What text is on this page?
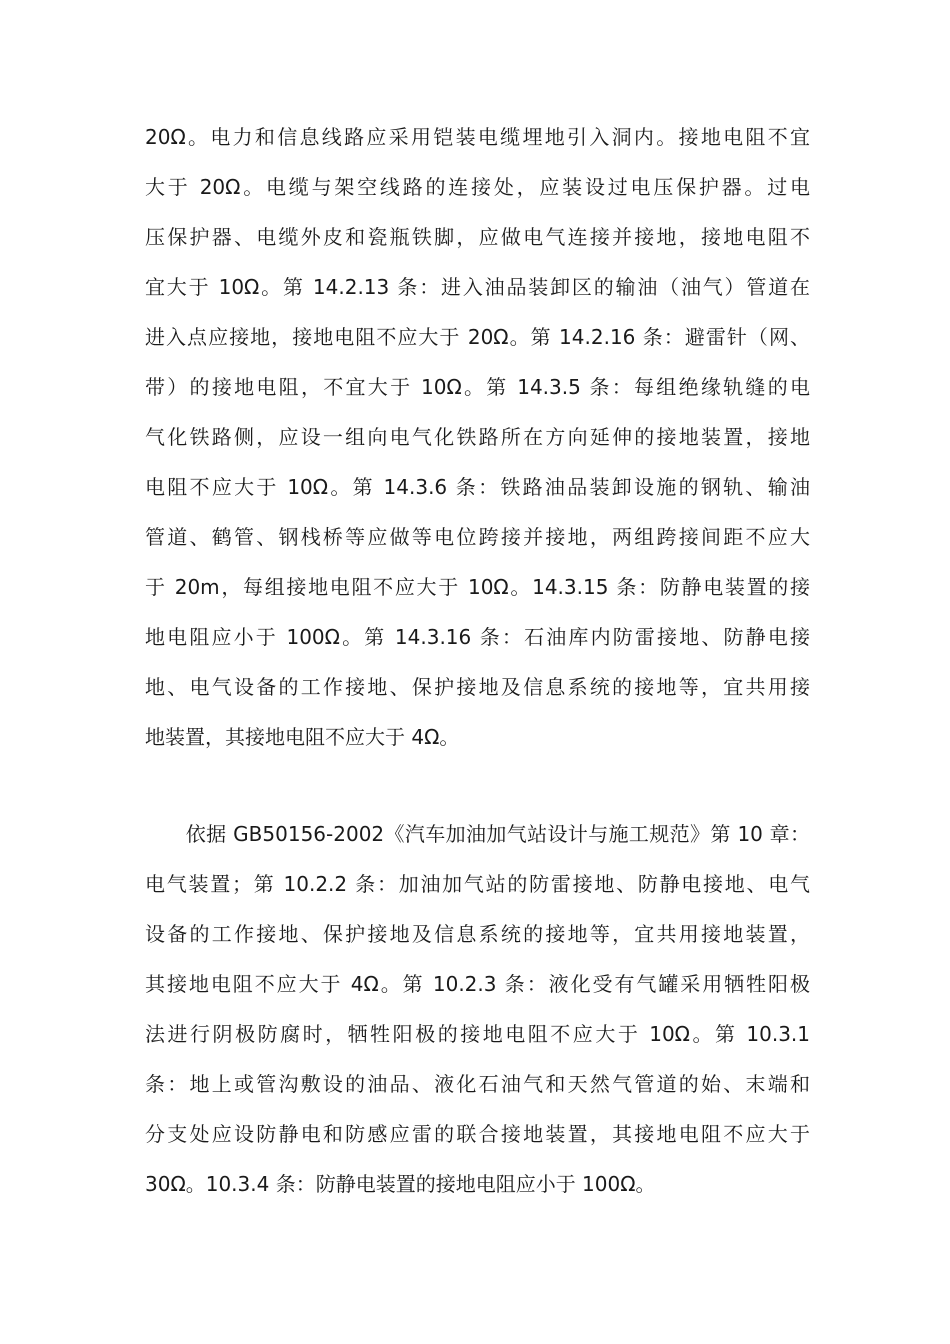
20Ω。电力和信息线路应采用铠装电缆埋地引入洞内。接地电阻不宜
大于 20Ω。电缆与架空线路的连接处，应装设过电压保护器。过电
压保护器、电缆外皮和瓷瓶铁脚，应做电气连接并接地，接地电阻不
宜大于 10Ω。第 14.2.13 条：进入油品装卸区的输油（油气）管道在
进入点应接地，接地电阻不应大于 20Ω。第 14.2.16 条：避雷针（网、
带）的接地电阻，不宜大于 10Ω。第 14.3.5 条：每组绝缘轨缝的电
气化铁路侧，应设一组向电气化铁路所在方向延伸的接地装置，接地
电阻不应大于 10Ω。第 14.3.6 条：铁路油品装卸设施的钢轨、输油
管道、鹤管、钢栈桥等应做等电位跨接并接地，两组跨接间距不应大
于 20m，每组接地电阻不应大于 10Ω。14.3.15 条：防静电装置的接
地电阻应小于 100Ω。第 14.3.16 条：石油库内防雷接地、防静电接
地、电气设备的工作接地、保护接地及信息系统的接地等，宜共用接
地装置，其接地电阻不应大于 4Ω。
　　依据 GB50156-2002《汽车加油加气站设计与施工规范》第 10 章：
电气装置；第 10.2.2 条：加油加气站的防雷接地、防静电接地、电气
设备的工作接地、保护接地及信息系统的接地等，宜共用接地装置，
其接地电阻不应大于 4Ω。第 10.2.3 条：液化受有气罐采用牺牲阳极
法进行阴极防腐时，牺牲阳极的接地电阻不应大于 10Ω。第 10.3.1
条：地上或管沟敷设的油品、液化石油气和天然气管道的始、末端和
分支处应设防静电和防感应雷的联合接地装置，其接地电阻不应大于
30Ω。10.3.4 条：防静电装置的接地电阻应小于 100Ω。
